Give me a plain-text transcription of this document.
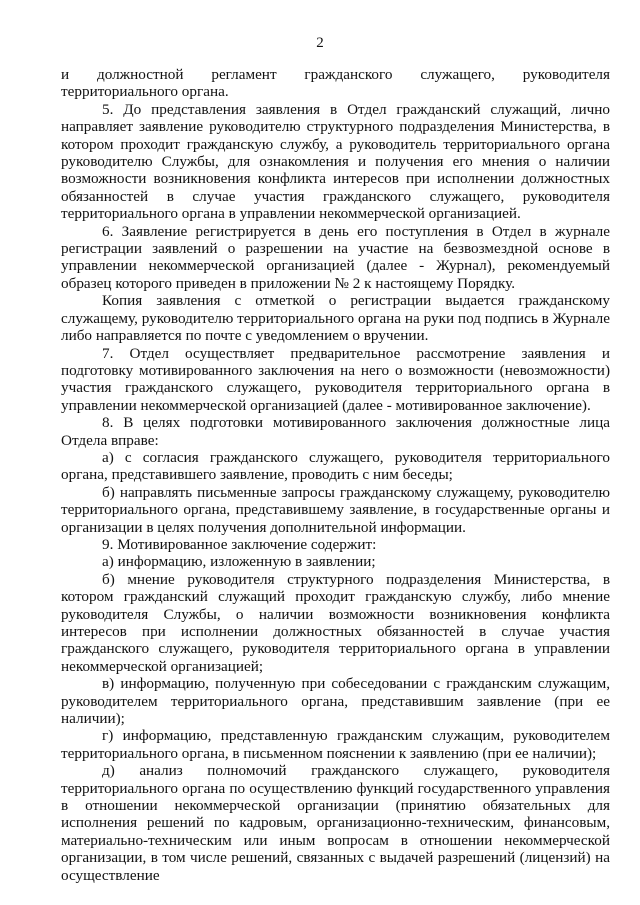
2

и должностной регламент гражданского служащего, руководителя территориального органа.

5. До представления заявления в Отдел гражданский служащий, лично направляет заявление руководителю структурного подразделения Министерства, в котором проходит гражданскую службу, а руководитель территориального органа руководителю Службы, для ознакомления и получения его мнения о наличии возможности возникновения конфликта интересов при исполнении должностных обязанностей в случае участия гражданского служащего, руководителя территориального органа в управлении некоммерческой организацией.

6. Заявление регистрируется в день его поступления в Отдел в журнале регистрации заявлений о разрешении на участие на безвозмездной основе в управлении некоммерческой организацией (далее - Журнал), рекомендуемый образец которого приведен в приложении № 2 к настоящему Порядку.

Копия заявления с отметкой о регистрации выдается гражданскому служащему, руководителю территориального органа на руки под подпись в Журнале либо направляется по почте с уведомлением о вручении.

7. Отдел осуществляет предварительное рассмотрение заявления и подготовку мотивированного заключения на него о возможности (невозможности) участия гражданского служащего, руководителя территориального органа в управлении некоммерческой организацией (далее - мотивированное заключение).

8. В целях подготовки мотивированного заключения должностные лица Отдела вправе:

а) с согласия гражданского служащего, руководителя территориального органа, представившего заявление, проводить с ним беседы;

б) направлять письменные запросы гражданскому служащему, руководителю территориального органа, представившему заявление, в государственные органы и организации в целях получения дополнительной информации.

9. Мотивированное заключение содержит:

а) информацию, изложенную в заявлении;

б) мнение руководителя структурного подразделения Министерства, в котором гражданский служащий проходит гражданскую службу, либо мнение руководителя Службы, о наличии возможности возникновения конфликта интересов при исполнении должностных обязанностей в случае участия гражданского служащего, руководителя территориального органа в управлении некоммерческой организацией;

в) информацию, полученную при собеседовании с гражданским служащим, руководителем территориального органа, представившим заявление (при ее наличии);

г) информацию, представленную гражданским служащим, руководителем территориального органа, в письменном пояснении к заявлению (при ее наличии);

д) анализ полномочий гражданского служащего, руководителя территориального органа по осуществлению функций государственного управления в отношении некоммерческой организации (принятию обязательных для исполнения решений по кадровым, организационно-техническим, финансовым, материально-техническим или иным вопросам в отношении некоммерческой организации, в том числе решений, связанных с выдачей разрешений (лицензий) на осуществление
